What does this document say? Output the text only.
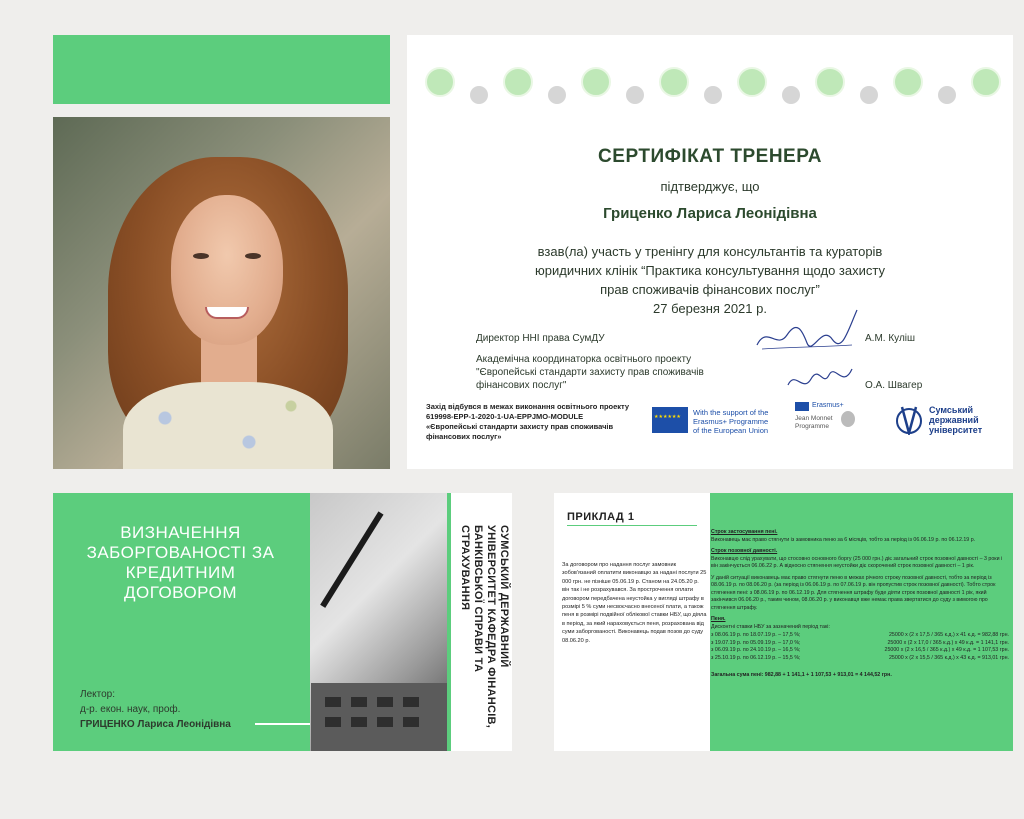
СЕРТИФІКАТ ТРЕНЕРА
підтверджує, що
Гриценко Лариса Леонідівна
взав(ла) участь у тренінгу для консультантів та кураторів
юридичних клінік “Практика консультування щодо захисту
прав споживачів фінансових послуг”
27 березня 2021 р.
Директор ННІ права СумДУ	А.М. Куліш
Академічна координаторка освітнього проекту
"Європейські стандарти захисту прав споживачів
фінансових послуг"	О.А. Швагер
Захід відбувся в межах виконання освітнього проекту
619998-EPP-1-2020-1-UA-EPPJMO-MODULE
«Європейські стандарти захисту прав споживачів
фінансових послуг»
★★★★★★
With the support of the
Erasmus+ Programme
of the European Union
Erasmus+
Jean Monnet
Programme
Сумський
державний
університет
ВИЗНАЧЕННЯ ЗАБОРГОВАНОСТІ ЗА КРЕДИТНИМ ДОГОВОРОМ
Лектор:
д-р. екон. наук, проф.
ГРИЦЕНКО Лариса Леонідівна
СУМСЬКИЙ ДЕРЖАВНИЙ УНІВЕРСИТЕТ КАФЕДРА ФІНАНСІВ, БАНКІВСЬКОЇ СПРАВИ ТА СТРАХУВАННЯ
ПРИКЛАД 1
За договором про надання послуг замовник зобов'язаний оплатити виконавцю за надані послуги 25 000 грн. не пізніше 05.06.19 р. Станом на 24.05.20 р. він так і не розрахувався. За прострочення оплати договором передбачена неустойка у вигляді штрафу в розмірі 5 % суми несвоєчасно внесеної плати, а також пеня в розмірі подвійної облікової ставки НБУ, що діяла в період, за який нараховується пеня, розрахована від суми заборгованості. Виконавець подав позов до суду 08.06.20 р.

Строк застосування пені.
Виконавець має право стягнути із замовника пеню за 6 місяців, тобто за період із 06.06.19 р. по 06.12.19 р.

Строк позовної давності.
Виконавцю слід урахувати, що стосовно основного боргу (25 000 грн.) діє загальний строк позовної давності – 3 роки і він закінчується 06.06.22 р. А відносно стягнення неустойки діє скорочений строк позовної давності – 1 рік.

У даній ситуації виконавець має право стягнути пеню в межах річного строку позовної давності, тобто за період із 08.06.19 р. по 08.06.20 р. (за період із 06.06.19 р. по 07.06.19 р. він пропустив строк позовної давності). Тобто строк стягнення пені: з 08.06.19 р. по 06.12.19 р. Для стягнення штрафу буде діяти строк позовної давності 1 рік, який закінчився 06.06.20 р., таким чином, 08.06.20 р. у виконавця вже немає права звертатися до суду з вимогою про стягнення штрафу.

Пеня.
Дисконтні ставки НБУ за зазначений період такі:

з 08.06.19 р. по 18.07.19 р. – 17,5 %;	25000 х (2 х 17,5 / 365 к.д.) х 41 к.д. = 982,88 грн.
з 19.07.19 р. по 05.09.19 р. – 17,0 %;	25000 х (2 х 17,0 / 365 к.д.) х 49 к.д. = 1 141,1 грн.
з 06.09.19 р. по 24.10.19 р. – 16,5 %;	25000 х (2 х 16,5 / 365 к.д.) х 49 к.д. = 1 107,53 грн.
з 25.10.19 р. по 06.12.19 р. – 15,5 %;	25000 х (2 х 15,5 / 365 к.д.) х 43 к.д. = 913,01 грн.

Загальна сума пені: 982,88 + 1 141,1 + 1 107,53 + 913,01 = 4 144,52 грн.
